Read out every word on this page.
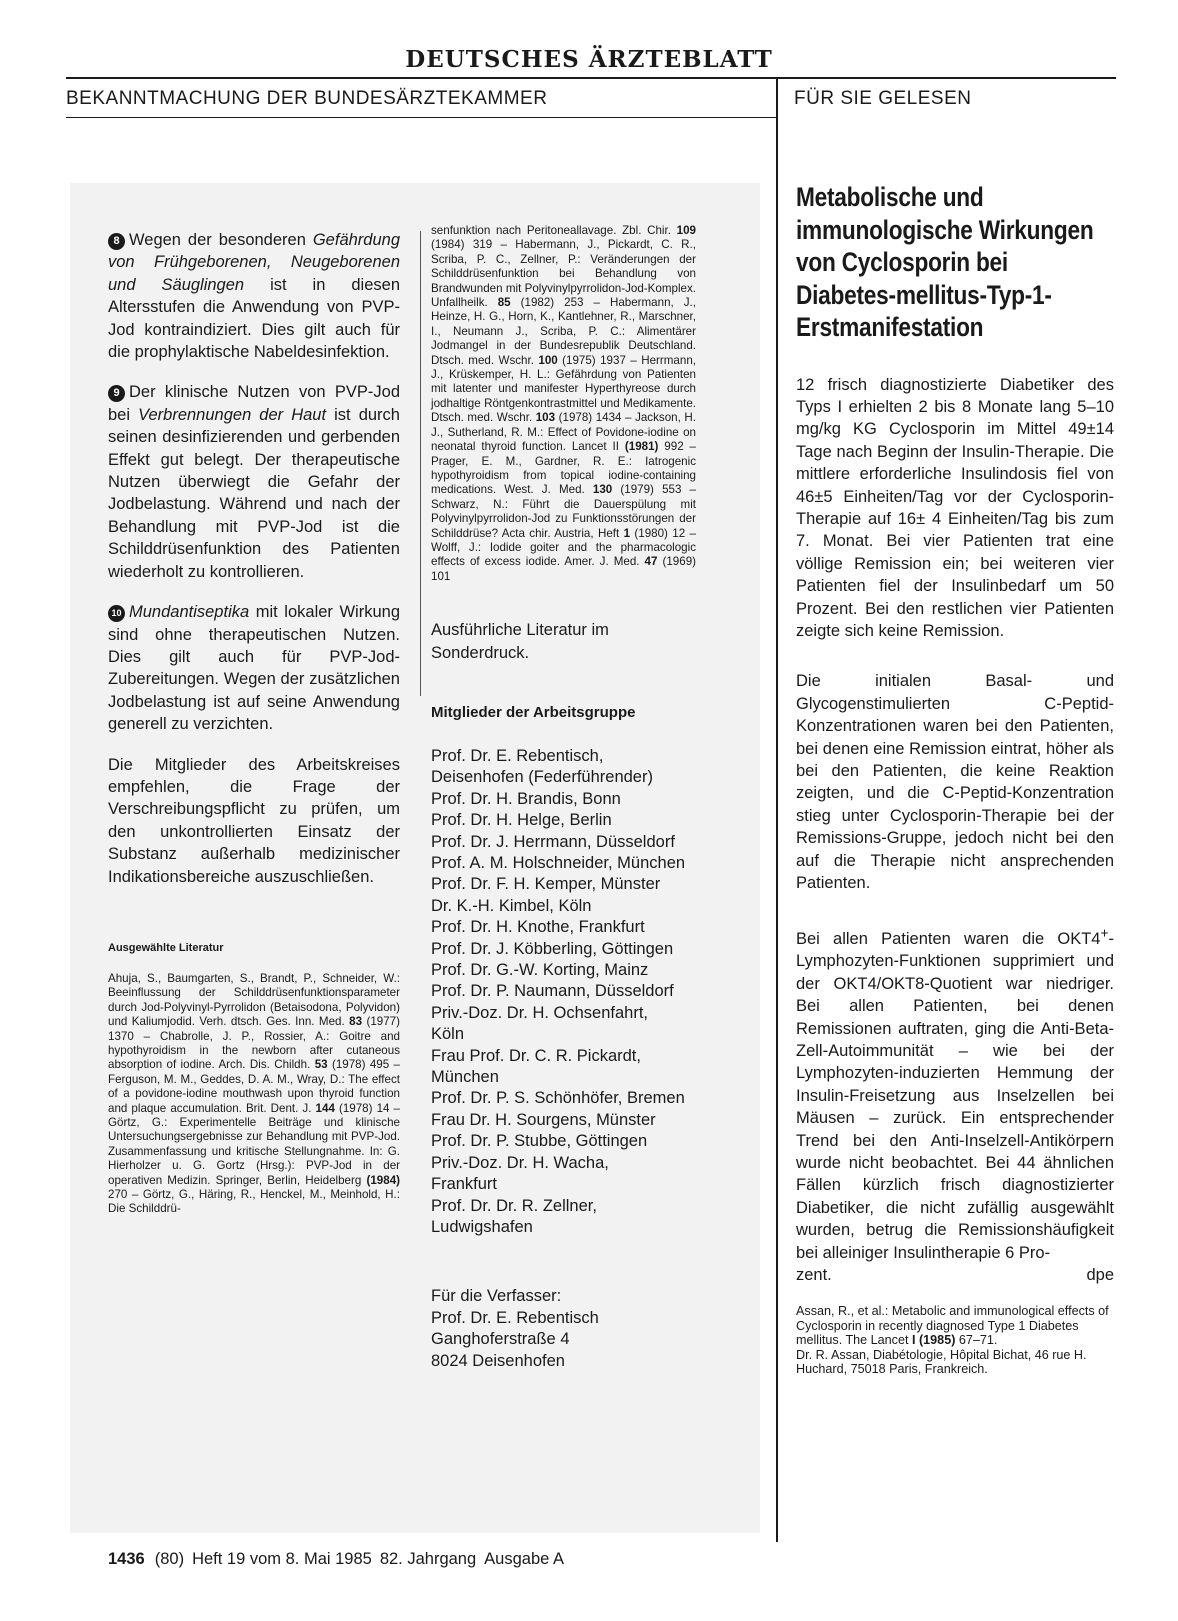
DEUTSCHES ÄRZTEBLATT
BEKANNTMACHUNG DER BUNDESÄRZTEKAMMER	FÜR SIE GELESEN

8 Wegen der besonderen Gefährdung von Frühgeborenen, Neugeborenen und Säuglingen ist in diesen Altersstufen die Anwendung von PVP-Jod kontraindiziert. Dies gilt auch für die prophylaktische Nabeldesinfektion.

9 Der klinische Nutzen von PVP-Jod bei Verbrennungen der Haut ist durch seinen desinfizierenden und gerbenden Effekt gut belegt. Der therapeutische Nutzen überwiegt die Gefahr der Jodbelastung. Während und nach der Behandlung mit PVP-Jod ist die Schilddrüsenfunktion des Patienten wiederholt zu kontrollieren.

10 Mundantiseptika mit lokaler Wirkung sind ohne therapeutischen Nutzen. Dies gilt auch für PVP-Jod-Zubereitungen. Wegen der zusätzlichen Jodbelastung ist auf seine Anwendung generell zu verzichten.

Die Mitglieder des Arbeitskreises empfehlen, die Frage der Verschreibungspflicht zu prüfen, um den unkontrollierten Einsatz der Substanz außerhalb medizinischer Indikationsbereiche auszuschließen.

Ausgewählte Literatur

Ahuja, S., Baumgarten, S., Brandt, P., Schneider, W.: Beeinflussung der Schilddrüsenfunktionsparameter durch Jod-Polyvinyl-Pyrrolidon (Betaisodona, Polyvidon) und Kaliumjodid. Verh. dtsch. Ges. Inn. Med. 83 (1977) 1370 – Chabrolle, J. P., Rossier, A.: Goitre and hypothyroidism in the newborn after cutaneous absorption of iodine. Arch. Dis. Childh. 53 (1978) 495 – Ferguson, M. M., Geddes, D. A. M., Wray, D.: The effect of a povidone-iodine mouthwash upon thyroid function and plaque accumulation. Brit. Dent. J. 144 (1978) 14 – Görtz, G.: Experimentelle Beiträge und klinische Untersuchungsergebnisse zur Behandlung mit PVP-Jod. Zusammenfassung und kritische Stellungnahme. In: G. Hierholzer u. G. Gortz (Hrsg.): PVP-Jod in der operativen Medizin. Springer, Berlin, Heidelberg (1984) 270 – Görtz, G., Häring, R., Henckel, M., Meinhold, H.: Die Schilddrü-

senfunktion nach Peritoneallavage. Zbl. Chir. 109 (1984) 319 – Habermann, J., Pickardt, C. R., Scriba, P. C., Zellner, P.: Veränderungen der Schilddrüsenfunktion bei Behandlung von Brandwunden mit Polyvinylpyrrolidon-Jod-Komplex. Unfallheilk. 85 (1982) 253 – Habermann, J., Heinze, H. G., Horn, K., Kantlehner, R., Marschner, I., Neumann J., Scriba, P. C.: Alimentärer Jodmangel in der Bundesrepublik Deutschland. Dtsch. med. Wschr. 100 (1975) 1937 – Herrmann, J., Krüskemper, H. L.: Gefährdung von Patienten mit latenter und manifester Hyperthyreose durch jodhaltige Röntgenkontrastmittel und Medikamente. Dtsch. med. Wschr. 103 (1978) 1434 – Jackson, H. J., Sutherland, R. M.: Effect of Povidone-iodine on neonatal thyroid function. Lancet II (1981) 992 – Prager, E. M., Gardner, R. E.: Iatrogenic hypothyroidism from topical iodine-containing medications. West. J. Med. 130 (1979) 553 – Schwarz, N.: Führt die Dauerspülung mit Polyvinylpyrrolidon-Jod zu Funktionsstörungen der Schilddrüse? Acta chir. Austria, Heft 1 (1980) 12 – Wolff, J.: Iodide goiter and the pharmacologic effects of excess iodide. Amer. J. Med. 47 (1969) 101

Ausführliche Literatur im Sonderdruck.

Mitglieder der Arbeitsgruppe
Prof. Dr. E. Rebentisch,
Deisenhofen (Federführender)
Prof. Dr. H. Brandis, Bonn
Prof. Dr. H. Helge, Berlin
Prof. Dr. J. Herrmann, Düsseldorf
Prof. A. M. Holschneider, München
Prof. Dr. F. H. Kemper, Münster
Dr. K.-H. Kimbel, Köln
Prof. Dr. H. Knothe, Frankfurt
Prof. Dr. J. Köbberling, Göttingen
Prof. Dr. G.-W. Korting, Mainz
Prof. Dr. P. Naumann, Düsseldorf
Priv.-Doz. Dr. H. Ochsenfahrt,
Köln
Frau Prof. Dr. C. R. Pickardt,
München
Prof. Dr. P. S. Schönhöfer, Bremen
Frau Dr. H. Sourgens, Münster
Prof. Dr. P. Stubbe, Göttingen
Priv.-Doz. Dr. H. Wacha,
Frankfurt
Prof. Dr. Dr. R. Zellner,
Ludwigshafen
Für die Verfasser:
Prof. Dr. E. Rebentisch
Ganghoferstraße 4
8024 Deisenhofen
Metabolische und immunologische Wirkungen von Cyclosporin bei Diabetes-mellitus-Typ-1-Erstmanifestation

12 frisch diagnostizierte Diabetiker des Typs I erhielten 2 bis 8 Monate lang 5–10 mg/kg KG Cyclosporin im Mittel 49±14 Tage nach Beginn der Insulin-Therapie. Die mittlere erforderliche Insulindosis fiel von 46±5 Einheiten/Tag vor der Cyclosporin-Therapie auf 16± 4 Einheiten/Tag bis zum 7. Monat. Bei vier Patienten trat eine völlige Remission ein; bei weiteren vier Patienten fiel der Insulinbedarf um 50 Prozent. Bei den restlichen vier Patienten zeigte sich keine Remission.

Die initialen Basal- und Glycogenstimulierten C-Peptid-Konzentrationen waren bei den Patienten, bei denen eine Remission eintrat, höher als bei den Patienten, die keine Reaktion zeigten, und die C-Peptid-Konzentration stieg unter Cyclosporin-Therapie bei der Remissions-Gruppe, jedoch nicht bei den auf die Therapie nicht ansprechenden Patienten.

Bei allen Patienten waren die OKT4+-Lymphozyten-Funktionen supprimiert und der OKT4/OKT8-Quotient war niedriger. Bei allen Patienten, bei denen Remissionen auftraten, ging die Anti-Beta-Zell-Autoimmunität – wie bei der Lymphozyten-induzierten Hemmung der Insulin-Freisetzung aus Inselzellen bei Mäusen – zurück. Ein entsprechender Trend bei den Anti-Inselzell-Antikörpern wurde nicht beobachtet. Bei 44 ähnlichen Fällen kürzlich frisch diagnostizierter Diabetiker, die nicht zufällig ausgewählt wurden, betrug die Remissionshäufigkeit bei alleiniger Insulintherapie 6 Pro-

zent.	dpe

Assan, R., et al.: Metabolic and immunological effects of Cyclosporin in recently diagnosed Type 1 Diabetes mellitus. The Lancet I (1985) 67–71.
Dr. R. Assan, Diabétologie, Hôpital Bichat, 46 rue H. Huchard, 75018 Paris, Frankreich.

1436 (80) Heft 19 vom 8. Mai 1985 82. Jahrgang Ausgabe A
